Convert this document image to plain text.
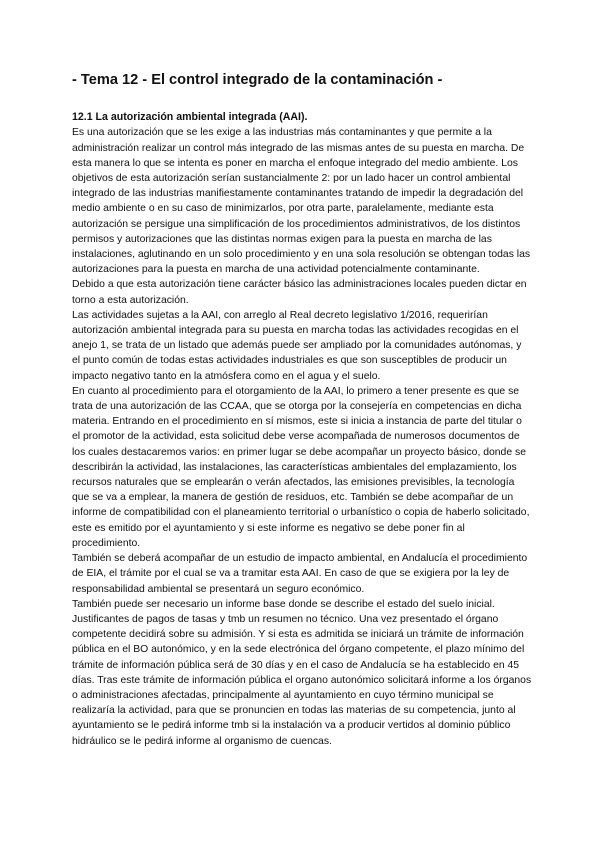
- Tema 12 - El control integrado de la contaminación -
12.1 La autorización ambiental integrada (AAI).

Es una autorización que se les exige a las industrias más contaminantes y que permite a la administración realizar un control más integrado de las mismas antes de su puesta en marcha. De esta manera lo que se intenta es poner en marcha el enfoque integrado del medio ambiente. Los objetivos de esta autorización serían sustancialmente 2: por un lado hacer un control ambiental integrado de las industrias manifiestamente contaminantes tratando de impedir la degradación del medio ambiente o en su caso de minimizarlos, por otra parte, paralelamente, mediante esta autorización se persigue una simplificación de los procedimientos administrativos, de los distintos permisos y autorizaciones que las distintas normas exigen para la puesta en marcha de las instalaciones, aglutinando en un solo procedimiento y en una sola resolución se obtengan todas las autorizaciones para la puesta en marcha de una actividad potencialmente contaminante.

Debido a que esta autorización tiene carácter básico las administraciones locales pueden dictar en torno a esta autorización.

Las actividades sujetas a la AAI, con arreglo al Real decreto legislativo 1/2016, requerirían autorización ambiental integrada para su puesta en marcha todas las actividades recogidas en el anejo 1, se trata de un listado que además puede ser ampliado por la comunidades autónomas, y el punto común de todas estas actividades industriales es que son susceptibles de producir un impacto negativo tanto en la atmósfera como en el agua y el suelo.

En cuanto al procedimiento para el otorgamiento de la AAI, lo primero a tener presente es que se trata de una autorización de las CCAA, que se otorga por la consejería en competencias en dicha materia. Entrando en el procedimiento en sí mismos, este si inicia a instancia de parte del titular o el promotor de la actividad, esta solicitud debe verse acompañada de numerosos documentos de los cuales destacaremos varios: en primer lugar se debe acompañar un proyecto básico, donde se describirán la actividad, las instalaciones, las características ambientales del emplazamiento, los recursos naturales que se emplearán o verán afectados, las emisiones previsibles, la tecnología que se va a emplear, la manera de gestión de residuos, etc. También se debe acompañar de un informe de compatibilidad con el planeamiento territorial o urbanístico o copia de haberlo solicitado, este es emitido por el ayuntamiento y si este informe es negativo se debe poner fin al procedimiento.

También se deberá acompañar de un estudio de impacto ambiental, en Andalucía el procedimiento de EIA, el trámite por el cual se va a tramitar esta AAI. En caso de que se exigiera por la ley de responsabilidad ambiental se presentará un seguro económico.

También puede ser necesario un informe base donde se describe el estado del suelo inicial.

Justificantes de pagos de tasas y tmb un resumen no técnico. Una vez presentado el órgano competente decidirá sobre su admisión. Y si esta es admitida se iniciará un trámite de información pública en el BO autonómico, y en la sede electrónica del órgano competente, el plazo mínimo del trámite de información pública será de 30 días y en el caso de Andalucía se ha establecido en 45 días. Tras este trámite de información pública el organo autonómico solicitará informe a los órganos o administraciones afectadas, principalmente al ayuntamiento en cuyo término municipal se realizaría la actividad, para que se pronuncien en todas las materias de su competencia, junto al ayuntamiento se le pedirá informe tmb si la instalación va a producir vertidos al dominio público hidráulico se le pedirá informe al organismo de cuencas.
